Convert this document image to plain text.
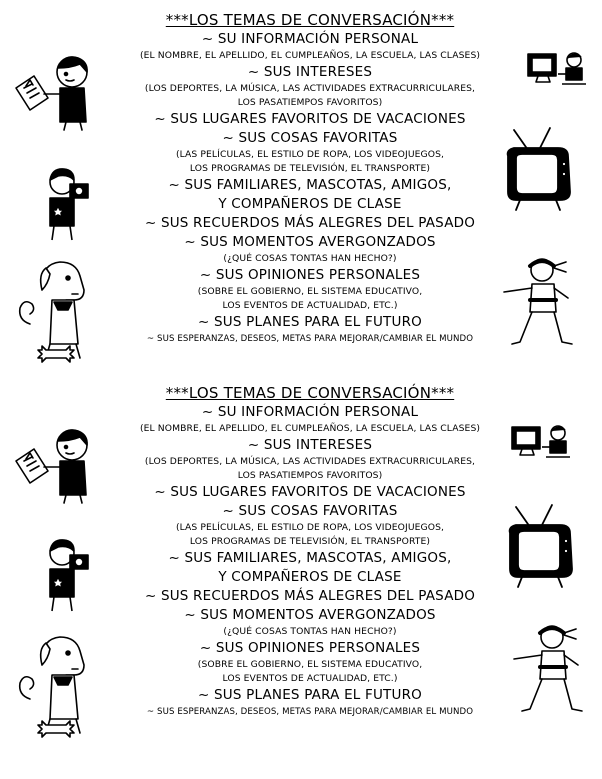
***LOS TEMAS DE CONVERSACIÓN***
~ SU INFORMACIÓN PERSONAL
(EL NOMBRE, EL APELLIDO, EL CUMPLEAÑOS, LA ESCUELA, LAS CLASES)
~ SUS INTERESES
(LOS DEPORTES, LA MÚSICA, LAS ACTIVIDADES EXTRACURRICULARES,
LOS PASATIEMPOS FAVORITOS)
~ SUS LUGARES FAVORITOS DE VACACIONES
~ SUS COSAS FAVORITAS
(LAS PELÍCULAS, EL ESTILO DE ROPA, LOS VIDEOJUEGOS,
LOS PROGRAMAS DE TELEVISIÓN, EL TRANSPORTE)
~ SUS FAMILIARES, MASCOTAS, AMIGOS,
Y COMPAÑEROS DE CLASE
~ SUS RECUERDOS MÁS ALEGRES DEL PASADO
~ SUS MOMENTOS AVERGONZADOS
(¿QUÉ COSAS TONTAS HAN HECHO?)
~ SUS OPINIONES PERSONALES
(SOBRE EL GOBIERNO, EL SISTEMA EDUCATIVO,
LOS EVENTOS DE ACTUALIDAD, ETC.)
~ SUS PLANES PARA EL FUTURO
~ SUS ESPERANZAS, DESEOS, METAS PARA MEJORAR/CAMBIAR EL MUNDO
***LOS TEMAS DE CONVERSACIÓN***
~ SU INFORMACIÓN PERSONAL
(EL NOMBRE, EL APELLIDO, EL CUMPLEAÑOS, LA ESCUELA, LAS CLASES)
~ SUS INTERESES
(LOS DEPORTES, LA MÚSICA, LAS ACTIVIDADES EXTRACURRICULARES,
LOS PASATIEMPOS FAVORITOS)
~ SUS LUGARES FAVORITOS DE VACACIONES
~ SUS COSAS FAVORITAS
(LAS PELÍCULAS, EL ESTILO DE ROPA, LOS VIDEOJUEGOS,
LOS PROGRAMAS DE TELEVISIÓN, EL TRANSPORTE)
~ SUS FAMILIARES, MASCOTAS, AMIGOS,
Y COMPAÑEROS DE CLASE
~ SUS RECUERDOS MÁS ALEGRES DEL PASADO
~ SUS MOMENTOS AVERGONZADOS
(¿QUÉ COSAS TONTAS HAN HECHO?)
~ SUS OPINIONES PERSONALES
(SOBRE EL GOBIERNO, EL SISTEMA EDUCATIVO,
LOS EVENTOS DE ACTUALIDAD, ETC.)
~ SUS PLANES PARA EL FUTURO
~ SUS ESPERANZAS, DESEOS, METAS PARA MEJORAR/CAMBIAR EL MUNDO
